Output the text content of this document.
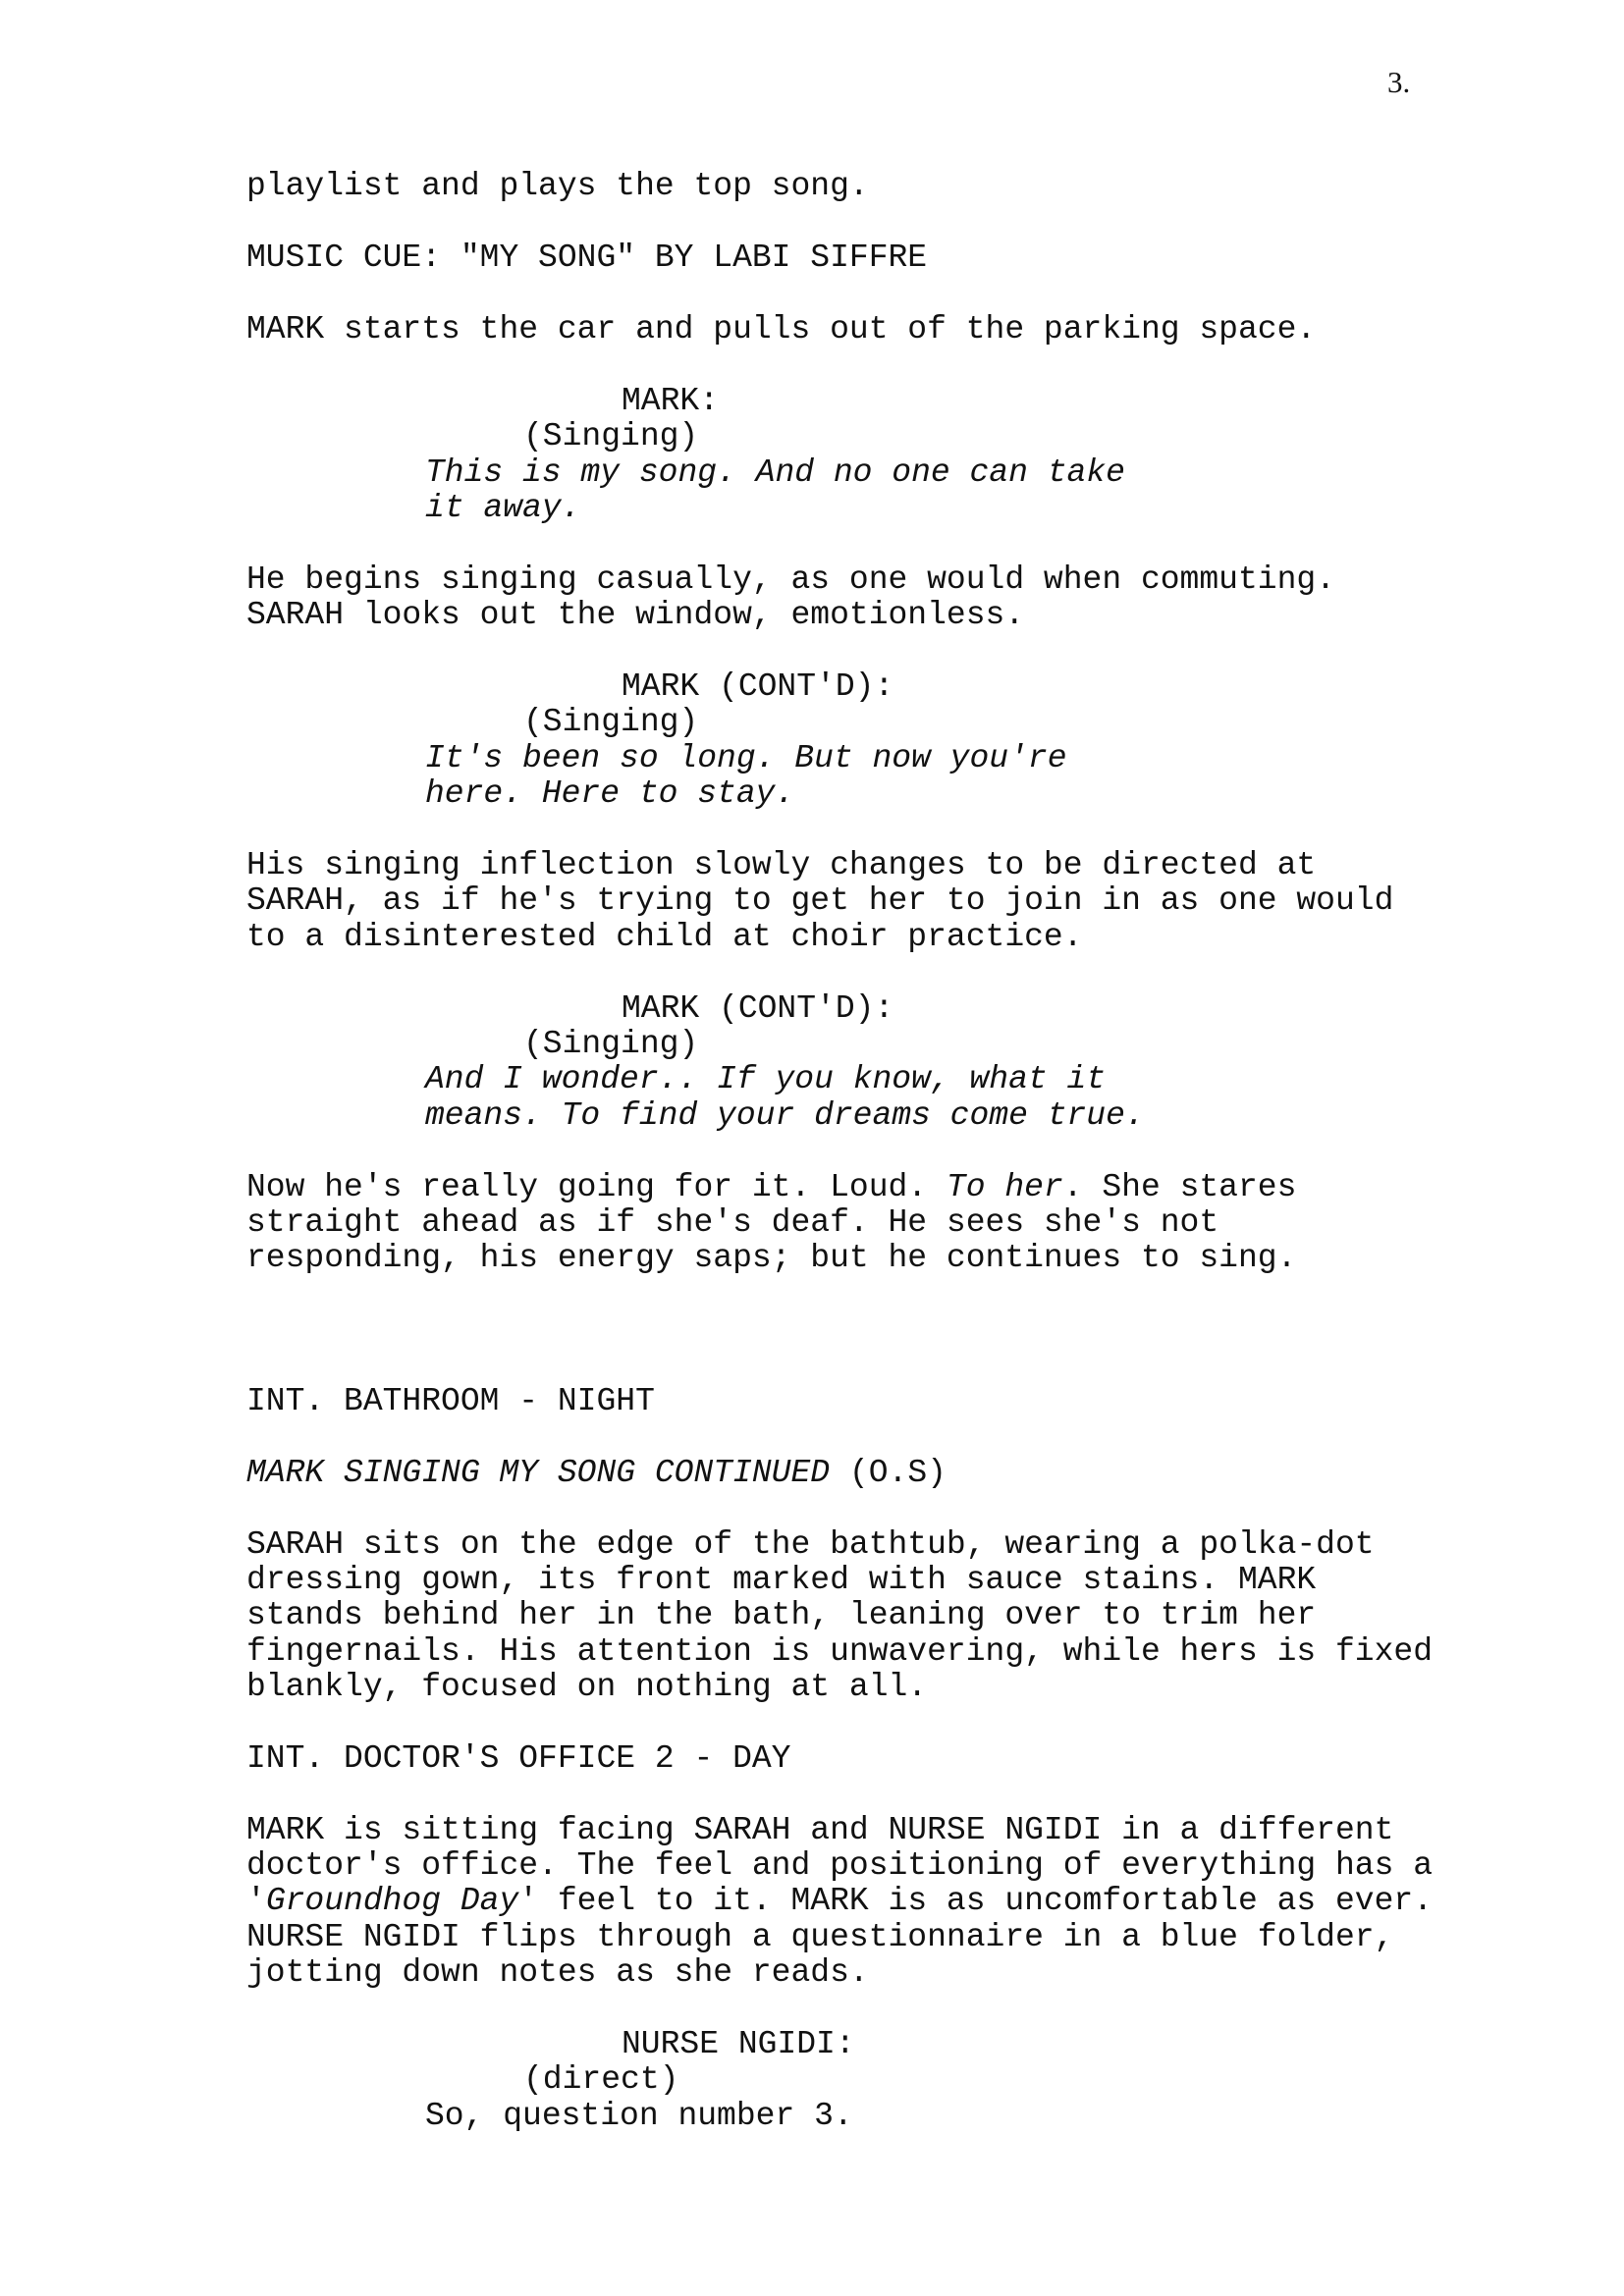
3.
playlist and plays the top song.
MUSIC CUE: "MY SONG" BY LABI SIFFRE
MARK starts the car and pulls out of the parking space.
MARK:
(Singing)
This is my song. And no one can take
it away.
He begins singing casually, as one would when commuting.
SARAH looks out the window, emotionless.
MARK (CONT'D):
(Singing)
It's been so long. But now you're
here. Here to stay.
His singing inflection slowly changes to be directed at
SARAH, as if he's trying to get her to join in as one would
to a disinterested child at choir practice.
MARK (CONT'D):
(Singing)
And I wonder.. If you know, what it
means. To find your dreams come true.
Now he's really going for it. Loud. To her. She stares
straight ahead as if she's deaf. He sees she's not
responding, his energy saps; but he continues to sing.
INT. BATHROOM - NIGHT
MARK SINGING MY SONG CONTINUED (O.S)
SARAH sits on the edge of the bathtub, wearing a polka-dot
dressing gown, its front marked with sauce stains. MARK
stands behind her in the bath, leaning over to trim her
fingernails. His attention is unwavering, while hers is fixed
blankly, focused on nothing at all.
INT. DOCTOR'S OFFICE 2 - DAY
MARK is sitting facing SARAH and NURSE NGIDI in a different
doctor's office. The feel and positioning of everything has a
'Groundhog Day' feel to it. MARK is as uncomfortable as ever.
NURSE NGIDI flips through a questionnaire in a blue folder,
jotting down notes as she reads.
NURSE NGIDI:
(direct)
So, question number 3.
